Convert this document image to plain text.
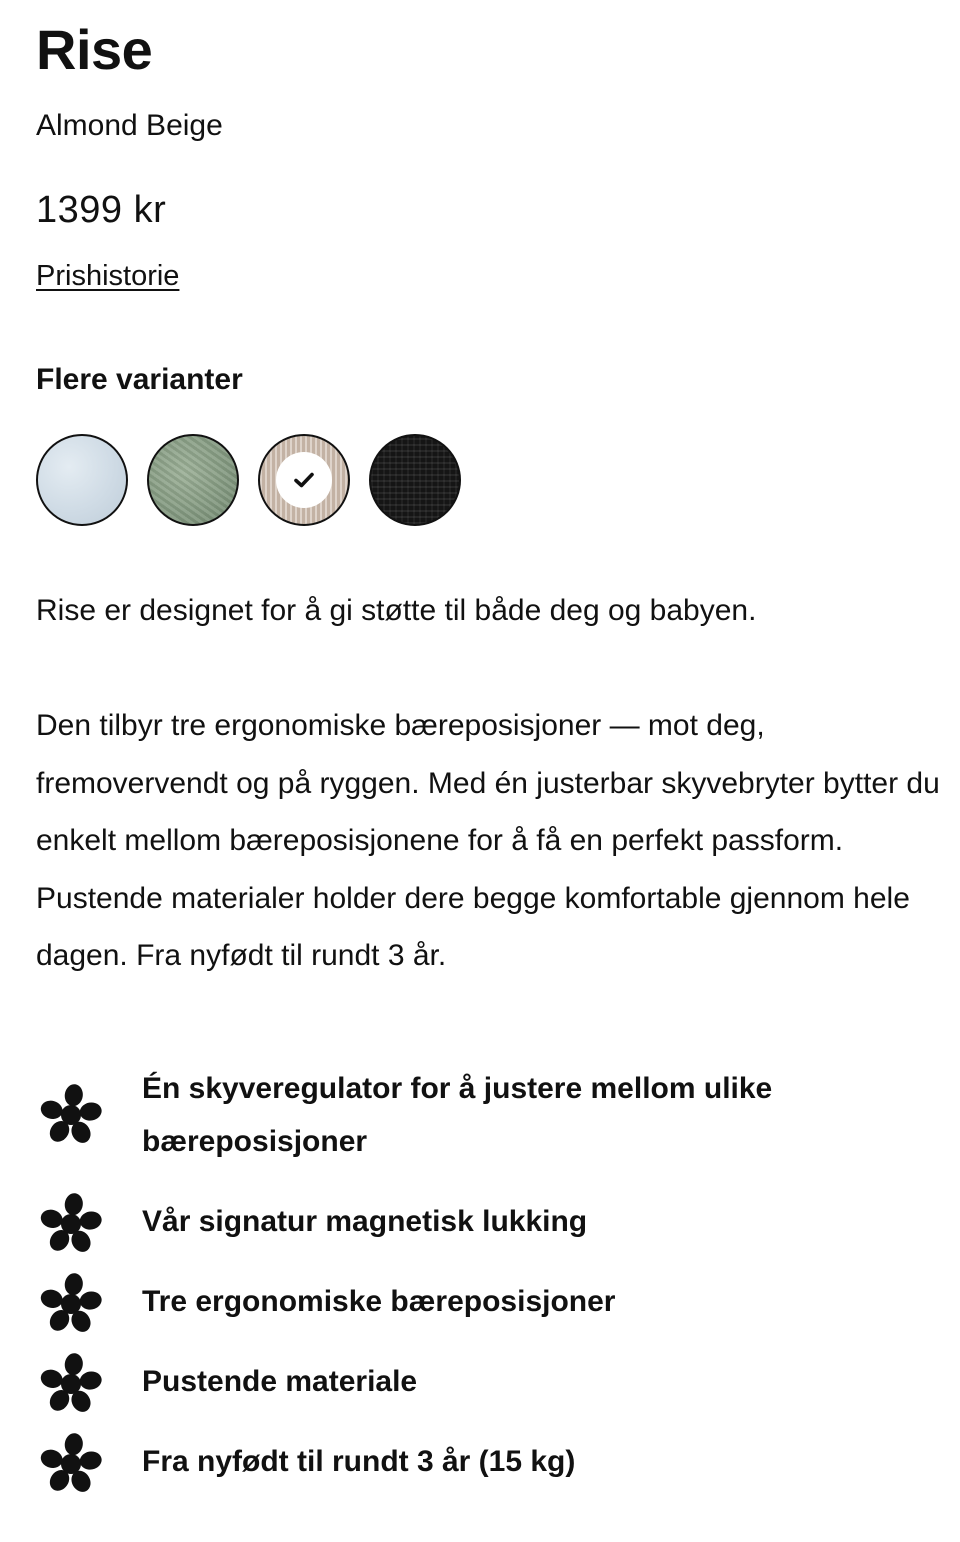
Rise
Almond Beige
1399 kr
Prishistorie
Flere varianter

Rise er designet for å gi støtte til både deg og babyen.

Den tilbyr tre ergonomiske bæreposisjoner — mot deg, fremovervendt og på ryggen. Med én justerbar skyvebryter bytter du enkelt mellom bæreposisjonene for å få en perfekt passform. Pustende materialer holder dere begge komfortable gjennom hele dagen. Fra nyfødt til rundt 3 år.

Én skyveregulator for å justere mellom ulike bæreposisjoner
Vår signatur magnetisk lukking
Tre ergonomiske bæreposisjoner
Pustende materiale
Fra nyfødt til rundt 3 år (15 kg)
